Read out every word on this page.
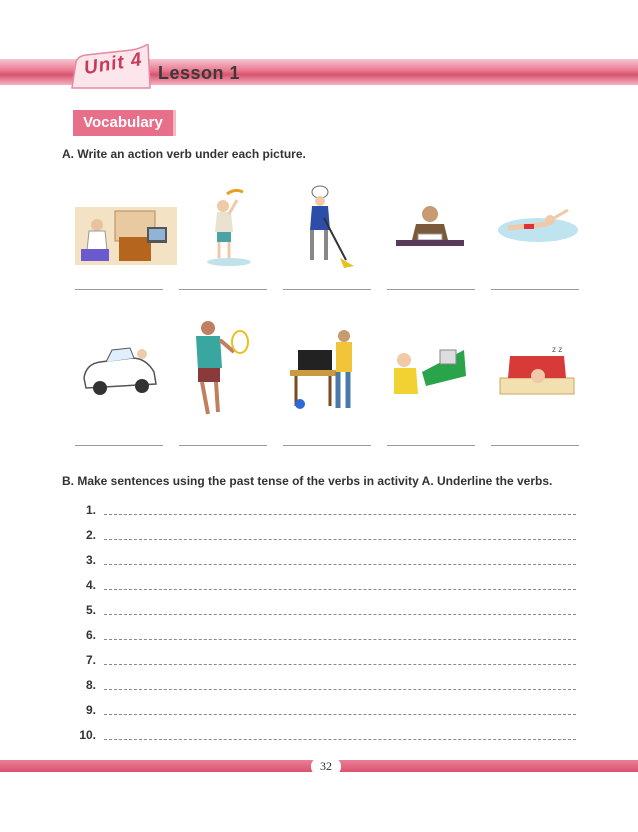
Unit 4 Lesson 1
Vocabulary
A. Write an action verb under each picture.
z z
B. Make sentences using the past tense of the verbs in activity A. Underline the verbs.
1.
2.
3.
4.
5.
6.
7.
8.
9.
10.
32
